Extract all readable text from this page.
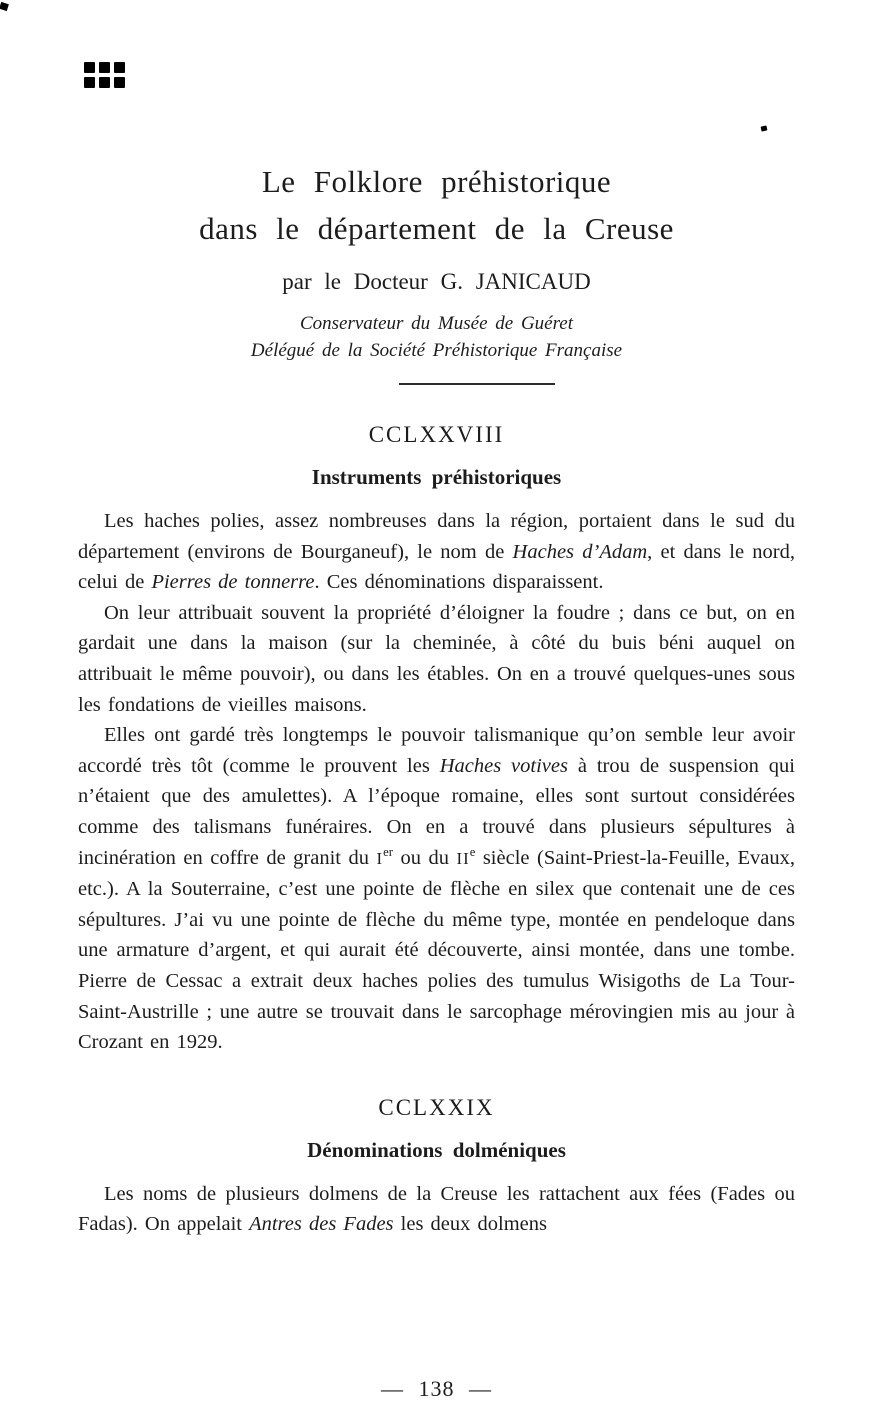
Le Folklore préhistorique
dans le département de la Creuse
par le Docteur G. JANICAUD
Conservateur du Musée de Guéret
Délégué de la Société Préhistorique Française
CCLXXVIII
Instruments préhistoriques

Les haches polies, assez nombreuses dans la région, portaient dans le sud du département (environs de Bourganeuf), le nom de Haches d’Adam, et dans le nord, celui de Pierres de tonnerre. Ces dénominations disparaissent.

On leur attribuait souvent la propriété d’éloigner la foudre ; dans ce but, on en gardait une dans la maison (sur la cheminée, à côté du buis béni auquel on attribuait le même pouvoir), ou dans les étables. On en a trouvé quelques-unes sous les fondations de vieilles maisons.

Elles ont gardé très longtemps le pouvoir talismanique qu’on semble leur avoir accordé très tôt (comme le prouvent les Haches votives à trou de suspension qui n’étaient que des amulettes). A l’époque romaine, elles sont surtout considérées comme des talismans funéraires. On en a trouvé dans plusieurs sépultures à incinération en coffre de granit du Ier ou du IIe siècle (Saint-Priest-la-Feuille, Evaux, etc.). A la Souterraine, c’est une pointe de flèche en silex que contenait une de ces sépultures. J’ai vu une pointe de flèche du même type, montée en pendeloque dans une armature d’argent, et qui aurait été découverte, ainsi montée, dans une tombe. Pierre de Cessac a extrait deux haches polies des tumulus Wisigoths de La Tour-Saint-Austrille ; une autre se trouvait dans le sarcophage mérovingien mis au jour à Crozant en 1929.

CCLXXIX
Dénominations dolméniques

Les noms de plusieurs dolmens de la Creuse les rattachent aux fées (Fades ou Fadas). On appelait Antres des Fades les deux dolmens

— 138 —
